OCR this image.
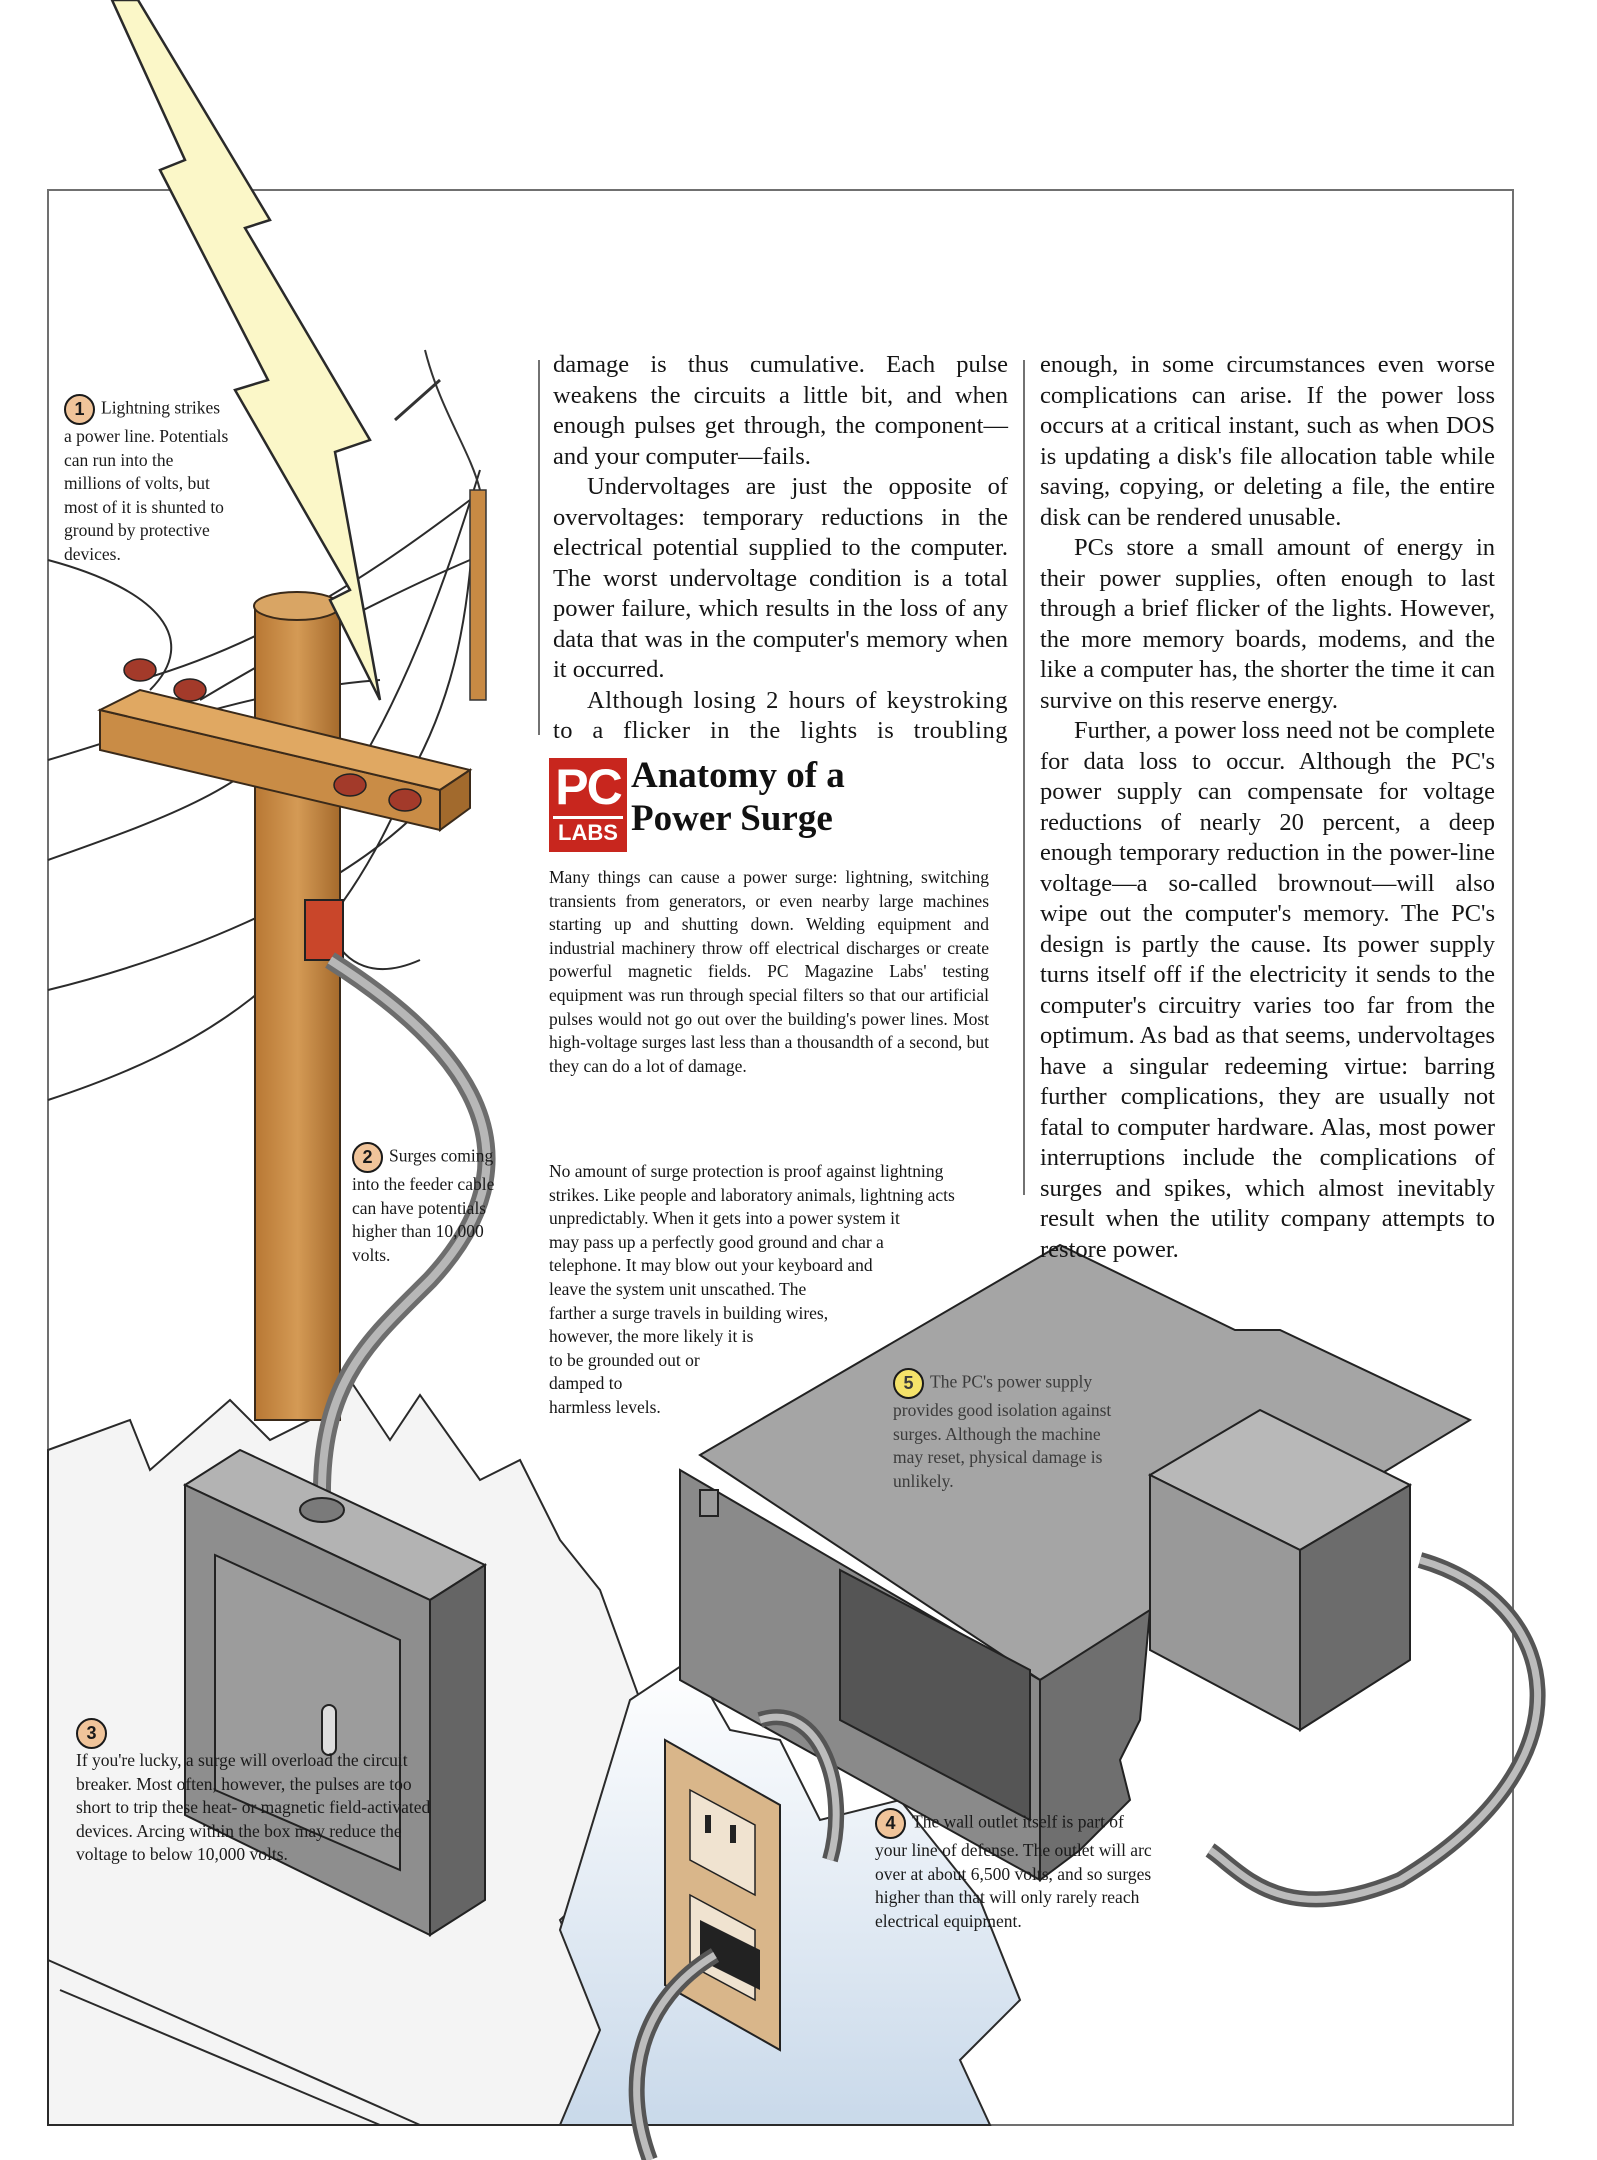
damage is thus cumulative. Each pulse weakens the circuits a little bit, and when enough pulses get through, the component—and your computer—fails.

Undervoltages are just the opposite of overvoltages: temporary reductions in the electrical potential supplied to the computer. The worst undervoltage condition is a total power failure, which results in the loss of any data that was in the computer's memory when it occurred.

Although losing 2 hours of keystroking to a flicker in the lights is troubling

enough, in some circumstances even worse complications can arise. If the power loss occurs at a critical instant, such as when DOS is updating a disk's file allocation table while saving, copying, or deleting a file, the entire disk can be rendered unusable.

PCs store a small amount of energy in their power supplies, often enough to last through a brief flicker of the lights. However, the more memory boards, modems, and the like a computer has, the shorter the time it can survive on this reserve energy.

Further, a power loss need not be complete for data loss to occur. Although the PC's power supply can compensate for voltage reductions of nearly 20 percent, a deep enough temporary reduction in the power-line voltage—a so-called brownout—will also wipe out the computer's memory. The PC's design is partly the cause. Its power supply turns itself off if the electricity it sends to the computer's circuitry varies too far from the optimum. As bad as that seems, undervoltages have a singular redeeming virtue: barring further complications, they are usually not fatal to computer hardware. Alas, most power interruptions include the complications of surges and spikes, which almost inevitably result when the utility company attempts to restore power.

PC
LABS
Anatomy of a Power Surge

Many things can cause a power surge: lightning, switching transients from generators, or even nearby large machines starting up and shutting down. Welding equipment and industrial machinery throw off electrical discharges or create powerful magnetic fields. PC Magazine Labs' testing equipment was run through special filters so that our artificial pulses would not go out over the building's power lines. Most high-voltage surges last less than a thousandth of a second, but they can do a lot of damage.

No amount of surge protection is proof against lightning strikes. Like people and laboratory animals, lightning acts unpredictably. When it gets into a power system it may pass up a perfectly good ground and char a telephone. It may blow out your keyboard and leave the system unit unscathed. The farther a surge travels in building wires, however, the more likely it is to be grounded out or damped to harmless levels.

1 Lightning strikes a power line. Potentials can run into the millions of volts, but most of it is shunted to ground by protective devices.

2 Surges coming into the feeder cable can have potentials higher than 10,000 volts.

3
If you're lucky, a surge will overload the circuit breaker. Most often, however, the pulses are too short to trip these heat- or magnetic field-activated devices. Arcing within the box may reduce the voltage to below 10,000 volts.

4 The wall outlet itself is part of your line of defense. The outlet will arc over at about 6,500 volts, and so surges higher than that will only rarely reach electrical equipment.

5 The PC's power supply provides good isolation against surges. Although the machine may reset, physical damage is unlikely.
